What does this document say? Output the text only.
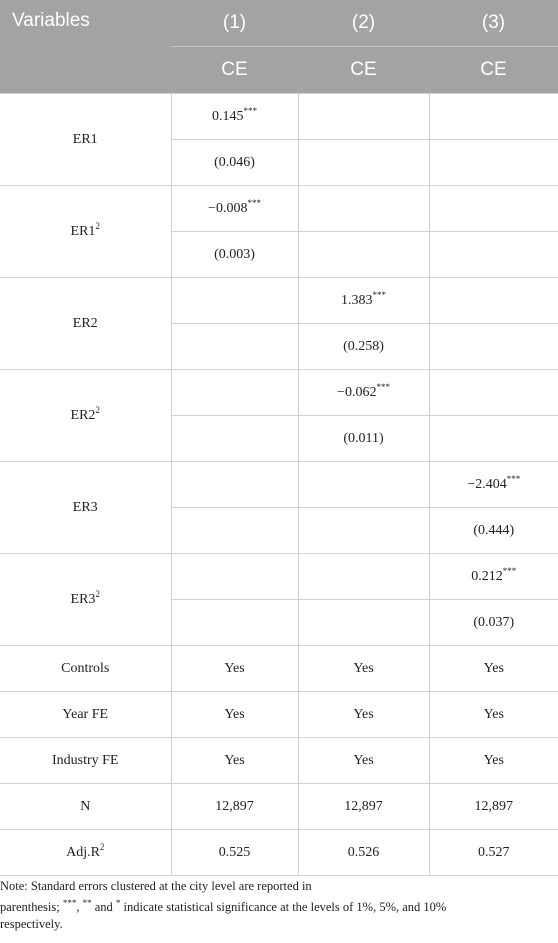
Variables	(1)	(2)	(3)
	CE	CE	CE
ER1	0.145***		
	(0.046)		
$ER1^2$	−0.008***		
	(0.003)		
ER2		1.383***	
		(0.258)	
$ER2^2$		−0.062***	
		(0.011)	
ER3			−2.404***
			(0.444)
$ER3^2$			0.212***
			(0.037)
Controls	Yes	Yes	Yes
Year FE	Yes	Yes	Yes
Industry FE	Yes	Yes	Yes
N	12,897	12,897	12,897
$Adj.R^2$	0.525	0.526	0.527
Note: Standard errors clustered at the city level are reported in
parenthesis; ***, ** and * indicate statistical significance at the levels of 1%, 5%, and 10%
respectively.
